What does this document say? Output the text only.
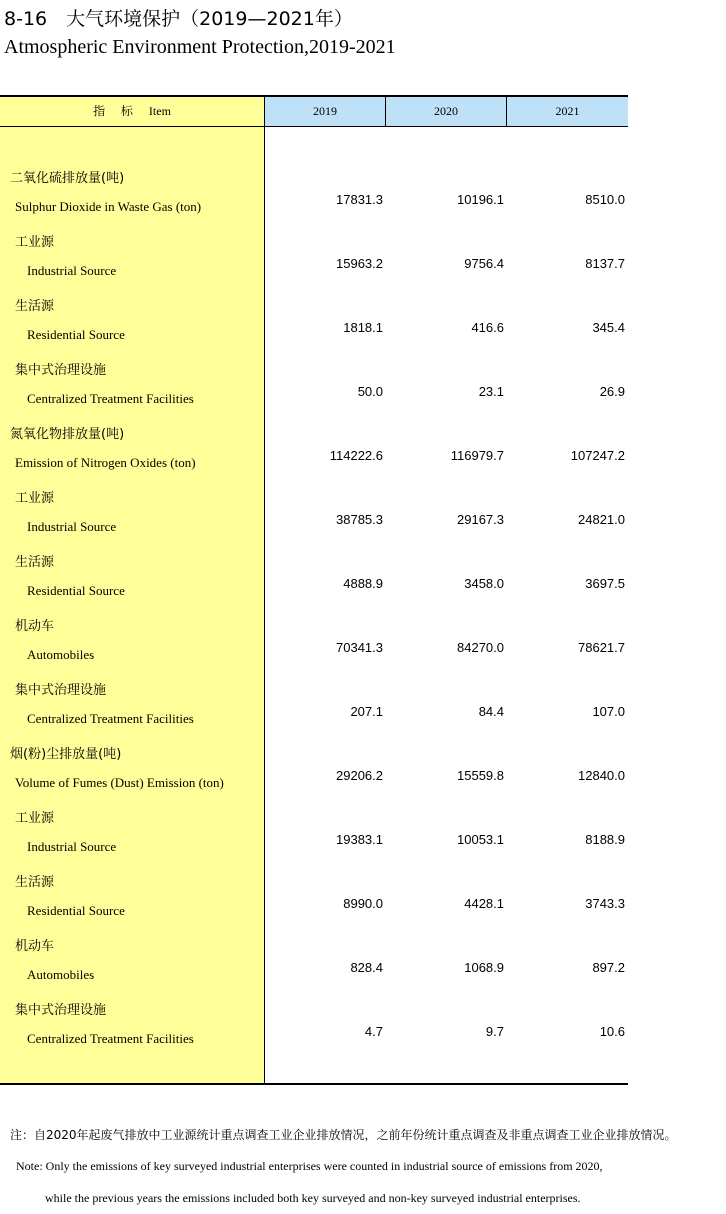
8-16　大气环境保护（2019—2021年）
Atmospheric Environment Protection,2019-2021
指 标 Item	2019	2020	2021
二氧化硫排放量(吨)
Sulphur Dioxide in Waste Gas (ton)	17831.3	10196.1	8510.0
工业源
Industrial Source	15963.2	9756.4	8137.7
生活源
Residential Source	1818.1	416.6	345.4
集中式治理设施
Centralized Treatment Facilities	50.0	23.1	26.9
氮氧化物排放量(吨)
Emission of Nitrogen Oxides (ton)	114222.6	116979.7	107247.2
工业源
Industrial Source	38785.3	29167.3	24821.0
生活源
Residential Source	4888.9	3458.0	3697.5
机动车
Automobiles	70341.3	84270.0	78621.7
集中式治理设施
Centralized Treatment Facilities	207.1	84.4	107.0
烟(粉)尘排放量(吨)
Volume of Fumes (Dust) Emission (ton)	29206.2	15559.8	12840.0
工业源
Industrial Source	19383.1	10053.1	8188.9
生活源
Residential Source	8990.0	4428.1	3743.3
机动车
Automobiles	828.4	1068.9	897.2
集中式治理设施
Centralized Treatment Facilities	4.7	9.7	10.6
注：自2020年起废气排放中工业源统计重点调查工业企业排放情况，之前年份统计重点调查及非重点调查工业企业排放情况。
Note: Only the emissions of key surveyed industrial enterprises were counted in industrial source of emissions from 2020,
while the previous years the emissions included both key surveyed and non-key surveyed industrial enterprises.
